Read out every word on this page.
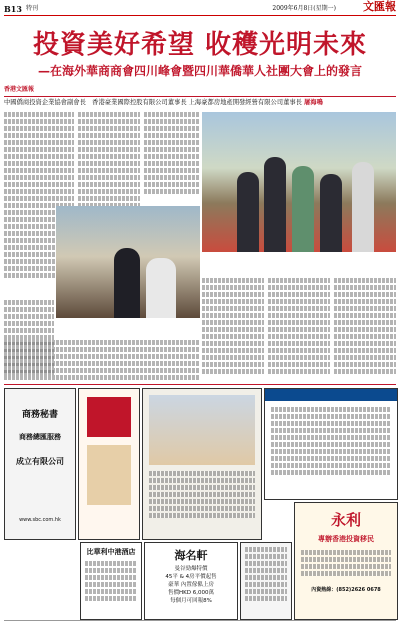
B13 特刊	2009年6月8日(星期一) 文匯報
投資美好希望 收穫光明未來
—在海外華商商會四川峰會暨四川華僑華人社團大會上的發言
香港文匯報
中國僑商投資企業協會副會長　香港豪業國際控股有限公司董事長 上海豪都房地產開發經營有限公司董事長 屠海鳴
商務秘書
商務總匯服務
成立有限公司
www.sbc.com.hk
比華利中港酒店	海名軒
曼谷勁爆特價
45平 & 4房平價起售
豪華 內置傢俬上房
售價HKD 6,000萬
每個月可回報8%
永利
專辦香港投資移民
內資熱線：(852)2626 0678
